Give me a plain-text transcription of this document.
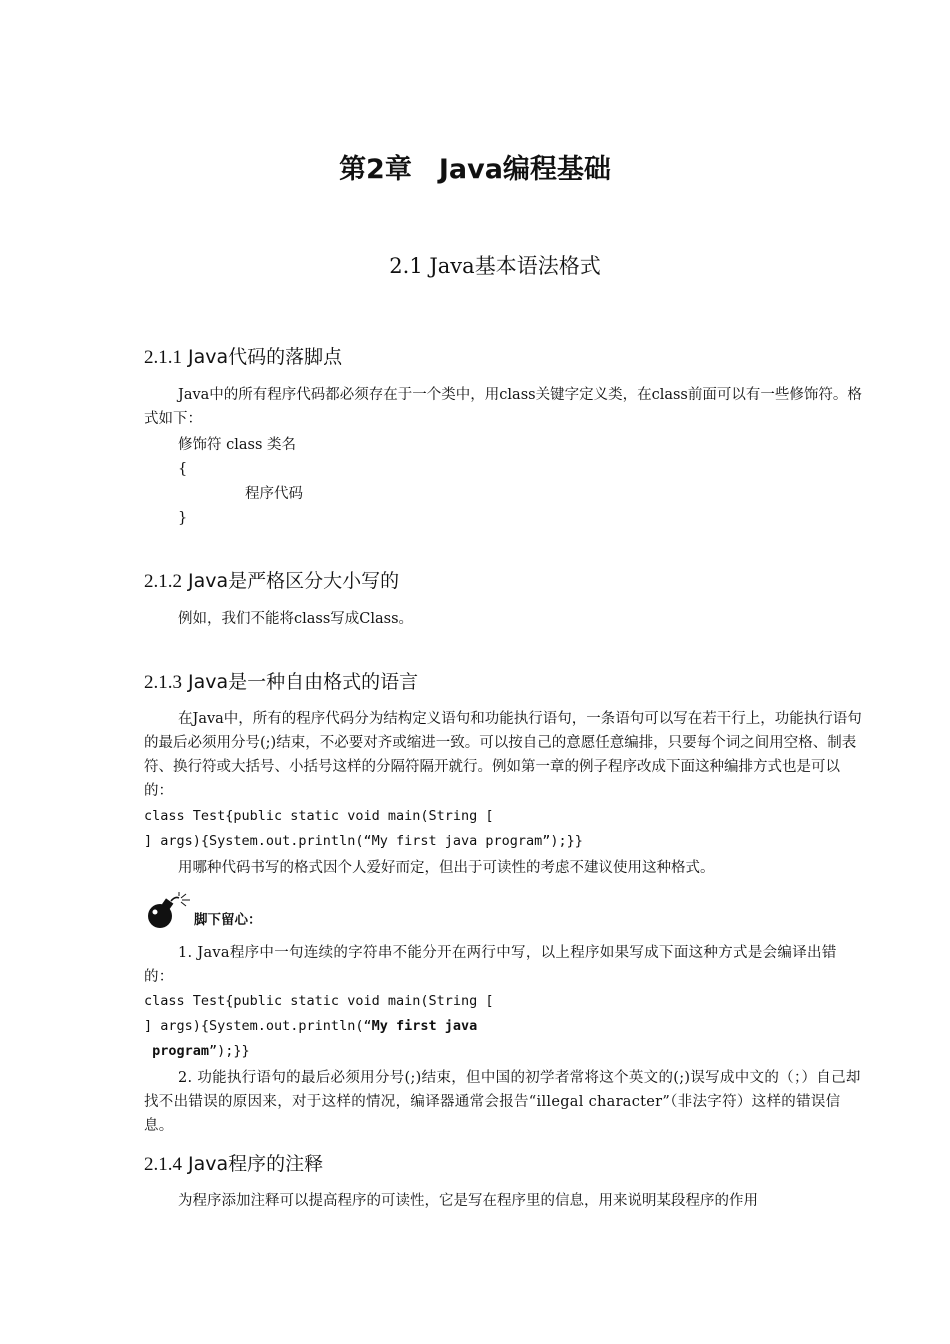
第2章　Java编程基础
2.1 Java基本语法格式
2.1.1 Java代码的落脚点
Java中的所有程序代码都必须存在于一个类中，用class关键字定义类，在class前面可以有一些修饰符。格式如下：
修饰符 class 类名
{
程序代码
}
2.1.2 Java是严格区分大小写的
例如，我们不能将class写成Class。
2.1.3 Java是一种自由格式的语言
在Java中，所有的程序代码分为结构定义语句和功能执行语句，一条语句可以写在若干行上，功能执行语句的最后必须用分号(;)结束，不必要对齐或缩进一致。可以按自己的意愿任意编排，只要每个词之间用空格、制表符、换行符或大括号、小括号这样的分隔符隔开就行。例如第一章的例子程序改成下面这种编排方式也是可以的：
class Test{public static void main(String [
] args){System.out.println(“My first java program”);}}
用哪种代码书写的格式因个人爱好而定，但出于可读性的考虑不建议使用这种格式。
脚下留心：
1. Java程序中一句连续的字符串不能分开在两行中写，以上程序如果写成下面这种方式是会编译出错的：
class Test{public static void main(String [
] args){System.out.println(“My first java
program”);}}
2. 功能执行语句的最后必须用分号(;)结束，但中国的初学者常将这个英文的(;)误写成中文的（；）自己却找不出错误的原因来，对于这样的情况，编译器通常会报告“illegal character”（非法字符）这样的错误信息。
2.1.4 Java程序的注释
为程序添加注释可以提高程序的可读性，它是写在程序里的信息，用来说明某段程序的作用
